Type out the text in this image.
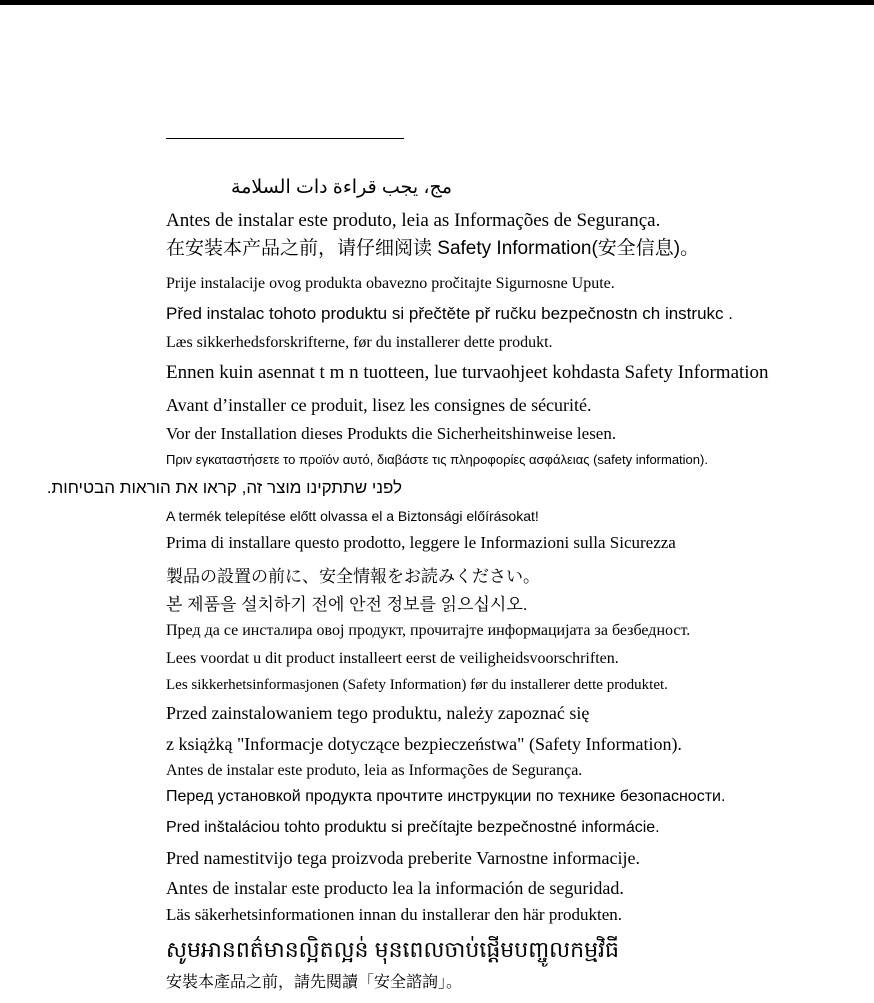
مج، يجب قراءة دات السلامة
Antes de instalar este produto, leia as Informações de Segurança.
在安装本产品之前，请仔细阅读 Safety Information(安全信息)。
Prije instalacije ovog produkta obavezno pročitajte Sigurnosne Upute.
Před instalac tohoto produktu si přečtěte př ručku bezpečnostn ch instrukc .
Læs sikkerhedsforskrifterne, før du installerer dette produkt.
Ennen kuin asennat t m n tuotteen, lue turvaohjeet kohdasta Safety Information
Avant d’installer ce produit, lisez les consignes de sécurité.
Vor der Installation dieses Produkts die Sicherheitshinweise lesen.
Πριν εγκαταστήσετε το προϊόν αυτό, διαβάστε τις πληροφορίες ασφάλειας (safety information).
לפני שתתקינו מוצר זה, קראו את הוראות הבטיחות.
A termék telepítése előtt olvassa el a Biztonsági előírásokat!
Prima di installare questo prodotto, leggere le Informazioni sulla Sicurezza
製品の設置の前に、安全情報をお読みください。
본 제품을 설치하기 전에 안전 정보를 읽으십시오.
Пред да се инсталира овој продукт, прочитајте информацијата за безбедност.
Lees voordat u dit product installeert eerst de veiligheidsvoorschriften.
Les sikkerhetsinformasjonen (Safety Information) før du installerer dette produktet.
Przed zainstalowaniem tego produktu, należy zapoznać się
z książką "Informacje dotyczące bezpieczeństwa" (Safety Information).
Antes de instalar este produto, leia as Informações de Segurança.
Перед установкой продукта прочтите инструкции по технике безопасности.
Pred inštaláciou tohto produktu si prečítajte bezpečnostné informácie.
Pred namestitvijo tega proizvoda preberite Varnostne informacije.
Antes de instalar este producto lea la información de seguridad.
Läs säkerhetsinformationen innan du installerar den här produkten.
សូមអានពត៌មានល្អិតល្អន់ មុនពេលចាប់ផ្តើមបញ្ចូលកម្មវិធី
安裝本產品之前，請先閱讀「安全諮詢」。
